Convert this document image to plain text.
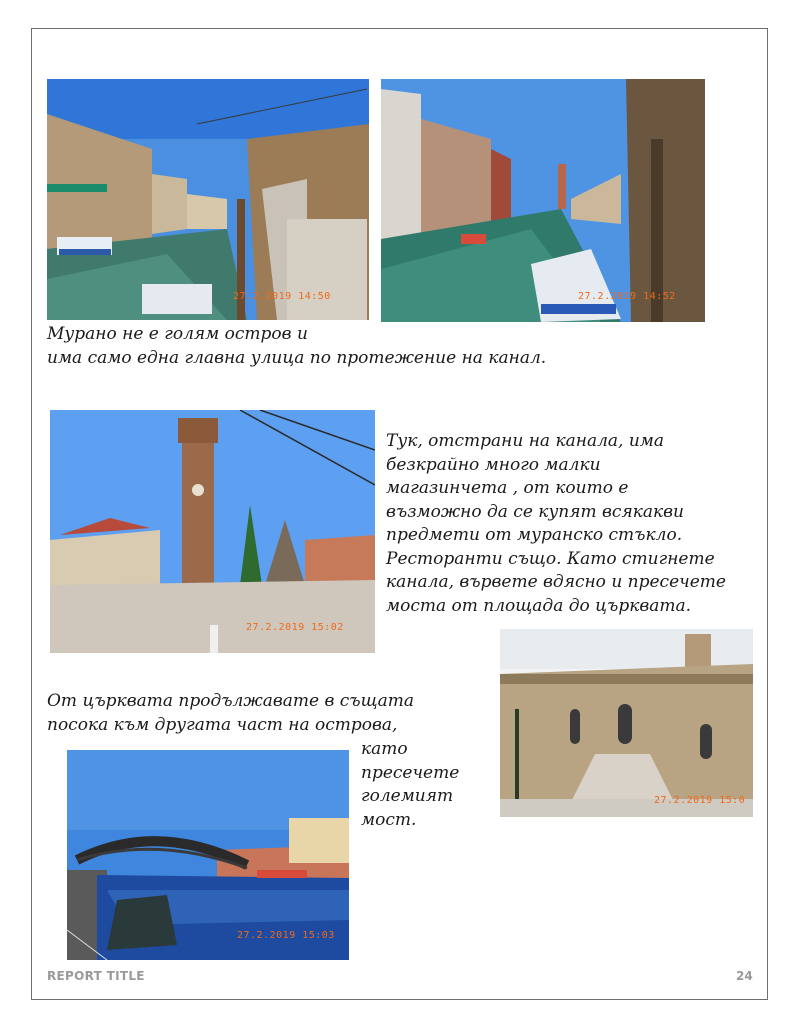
27.2.2019 14:50	27.2.2019 14:52
Мурано не е голям остров и
има само една главна улица по протежение на канал.
27.2.2019 15:02
Тук, отстрани на канала, има
безкрайно много малки
магазинчета , от които е
възможно да се купят всякакви
предмети от муранско стъкло.
Ресторанти също. Като стигнете
канала, вървете вдясно и пресечете
моста от площада до църквата.
27.2.2019 15:0
От църквата продължавате в същата
посока към другата част на острова,
като
пресечете
големият
мост.
27.2.2019 15:03
REPORT TITLE	24
